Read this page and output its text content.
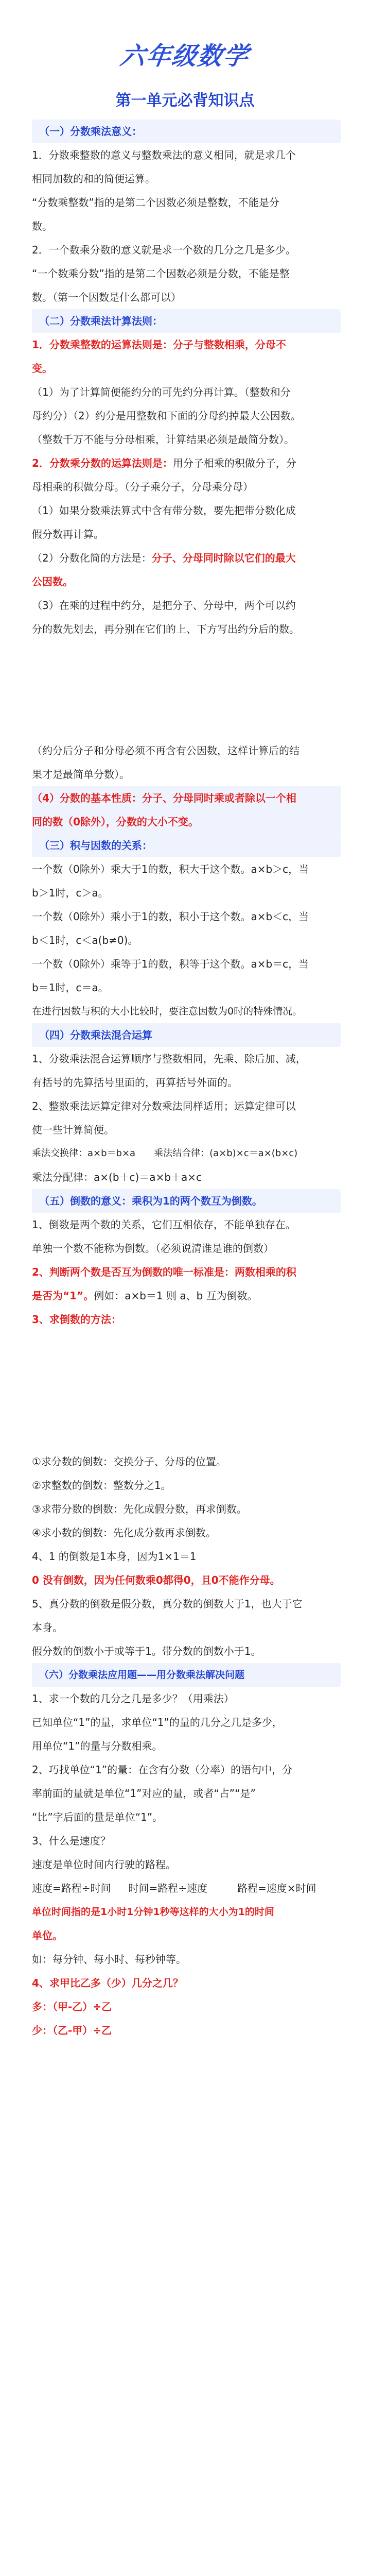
六年级数学
第一单元必背知识点
（一）分数乘法意义：
1．分数乘整数的意义与整数乘法的意义相同，就是求几个
相同加数的和的简便运算。
“分数乘整数”指的是第二个因数必须是整数，不能是分
数。
2．一个数乘分数的意义就是求一个数的几分之几是多少。
“一个数乘分数”指的是第二个因数必须是分数，不能是整
数。（第一个因数是什么都可以）
（二）分数乘法计算法则：
1．分数乘整数的运算法则是：分子与整数相乘，分母不
变。
（1）为了计算简便能约分的可先约分再计算。（整数和分
母约分）（2）约分是用整数和下面的分母约掉最大公因数。
（整数千万不能与分母相乘，计算结果必须是最简分数）。
2．分数乘分数的运算法则是：用分子相乘的积做分子，分
母相乘的积做分母。（分子乘分子，分母乘分母）
（1）如果分数乘法算式中含有带分数，要先把带分数化成
假分数再计算。
（2）分数化简的方法是：分子、分母同时除以它们的最大
公因数。
（3）在乘的过程中约分，是把分子、分母中，两个可以约
分的数先划去，再分别在它们的上、下方写出约分后的数。
（约分后分子和分母必须不再含有公因数，这样计算后的结
果才是最简单分数）。
（4）分数的基本性质：分子、分母同时乘或者除以一个相
同的数（0除外），分数的大小不变。
（三）积与因数的关系：
一个数（0除外）乘大于1的数，积大于这个数。a×b＞c，当
b＞1时，c＞a。
一个数（0除外）乘小于1的数，积小于这个数。a×b＜c，当
b＜1时，c＜a(b≠0)。
一个数（0除外）乘等于1的数，积等于这个数。a×b＝c，当
b＝1时，c＝a。
在进行因数与积的大小比较时，要注意因数为0时的特殊情况。
（四）分数乘法混合运算
1、分数乘法混合运算顺序与整数相同，先乘、除后加、减，
有括号的先算括号里面的，再算括号外面的。
2、整数乘法运算定律对分数乘法同样适用；运算定律可以
使一些计算简便。
乘法交换律：a×b＝b×a　　乘法结合律：(a×b)×c＝a×(b×c)
乘法分配律：a×(b＋c)＝a×b＋a×c
（五）倒数的意义：乘积为1的两个数互为倒数。
1、倒数是两个数的关系，它们互相依存，不能单独存在。
单独一个数不能称为倒数。（必须说清谁是谁的倒数）
2、判断两个数是否互为倒数的唯一标准是：两数相乘的积
是否为“1”。例如：a×b＝1 则 a、b 互为倒数。
3、求倒数的方法：
①求分数的倒数：交换分子、分母的位置。
②求整数的倒数：整数分之1。
③求带分数的倒数：先化成假分数，再求倒数。
④求小数的倒数：先化成分数再求倒数。
4、1 的倒数是1本身，因为1×1＝1
0 没有倒数，因为任何数乘0都得0，且0不能作分母。
5、真分数的倒数是假分数，真分数的倒数大于1，也大于它
本身。
假分数的倒数小于或等于1。带分数的倒数小于1。
（六）分数乘法应用题——用分数乘法解决问题
1、求一个数的几分之几是多少？（用乘法）
已知单位“1”的量，求单位“1”的量的几分之几是多少，
用单位“1”的量与分数相乘。
2、巧找单位“1”的量：在含有分数（分率）的语句中，分
率前面的量就是单位“1”对应的量，或者“占”“是”
“比”字后面的量是单位“1”。
3、什么是速度？
速度是单位时间内行驶的路程。
速度=路程÷时间 时间=路程÷速度	路程=速度×时间
单位时间指的是1小时1分钟1秒等这样的大小为1的时间
单位。
如：每分钟、每小时、每秒钟等。
4、求甲比乙多（少）几分之几？
多：（甲-乙）÷乙
少：（乙-甲）÷乙
